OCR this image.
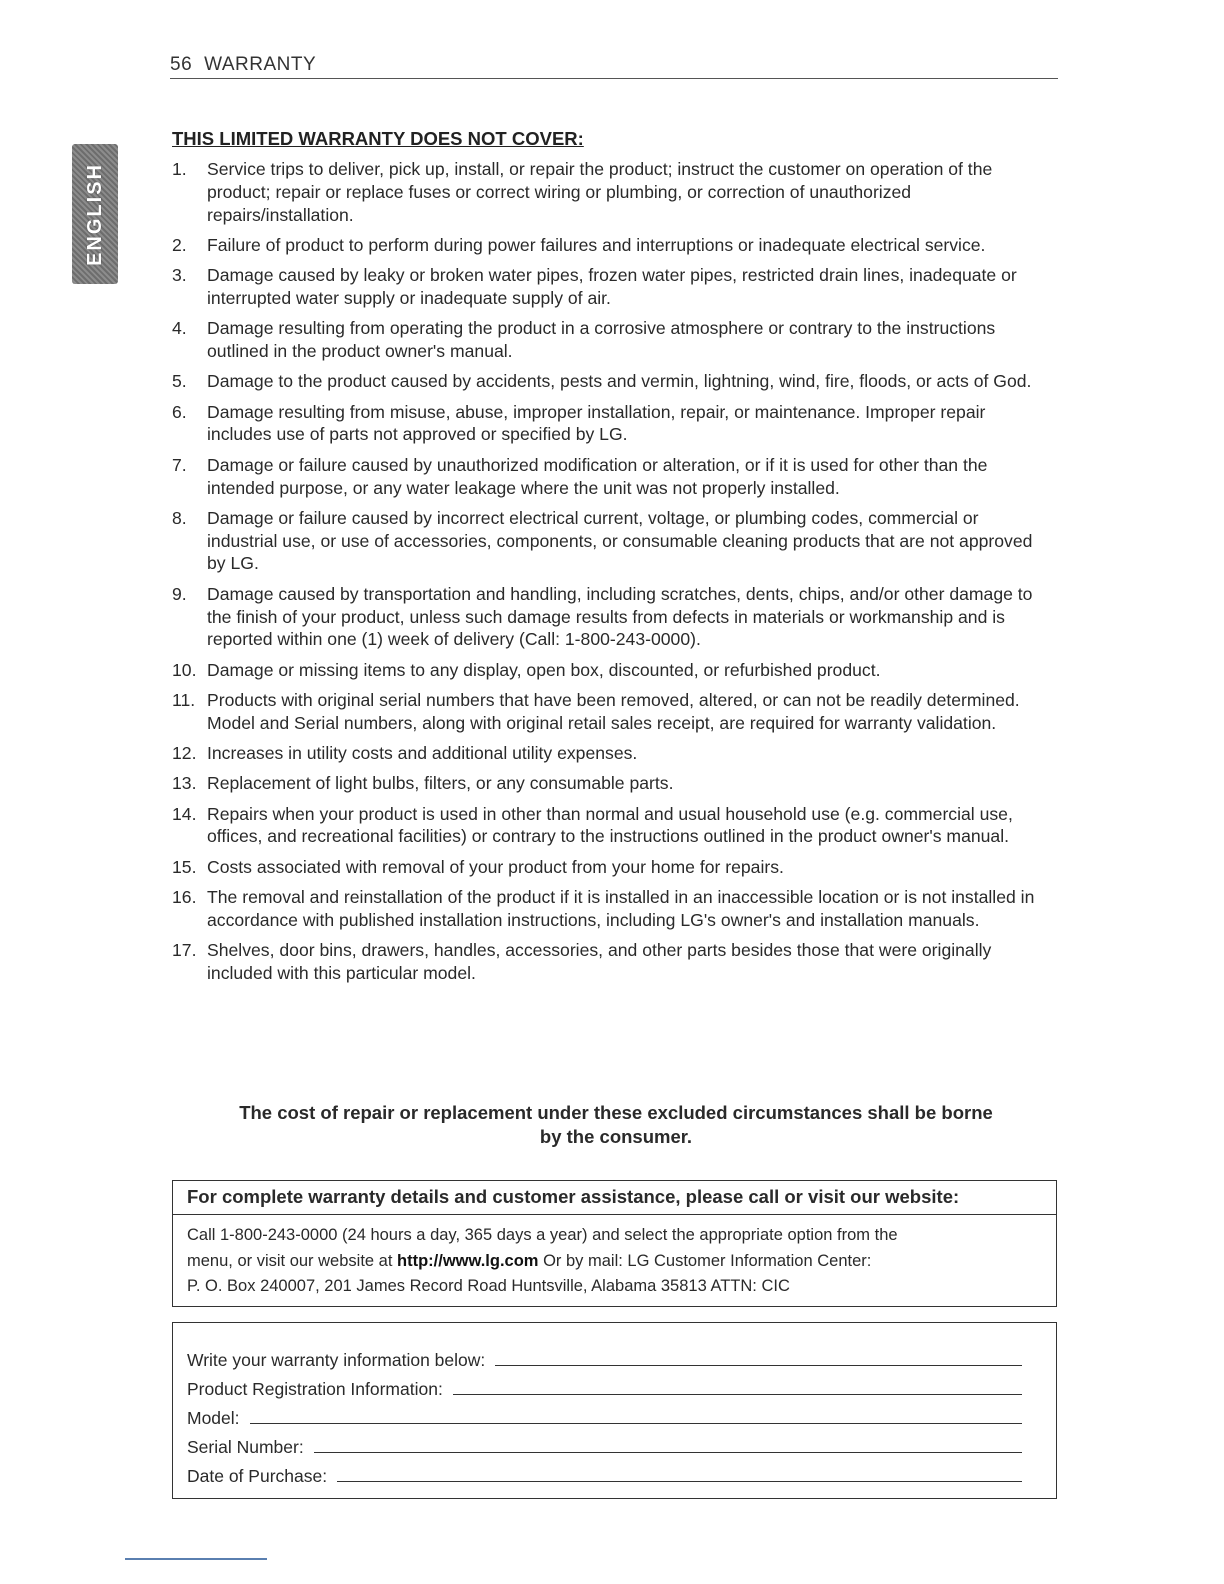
56 WARRANTY
ENGLISH
THIS LIMITED WARRANTY DOES NOT COVER:
1. Service trips to deliver, pick up, install, or repair the product; instruct the customer on operation of the product; repair or replace fuses or correct wiring or plumbing, or correction of unauthorized repairs/installation.
2. Failure of product to perform during power failures and interruptions or inadequate electrical service.
3. Damage caused by leaky or broken water pipes, frozen water pipes, restricted drain lines, inadequate or interrupted water supply or inadequate supply of air.
4. Damage resulting from operating the product in a corrosive atmosphere or contrary to the instructions outlined in the product owner's manual.
5. Damage to the product caused by accidents, pests and vermin, lightning, wind, fire, floods, or acts of God.
6. Damage resulting from misuse, abuse, improper installation, repair, or maintenance. Improper repair includes use of parts not approved or specified by LG.
7. Damage or failure caused by unauthorized modification or alteration, or if it is used for other than the intended purpose, or any water leakage where the unit was not properly installed.
8. Damage or failure caused by incorrect electrical current, voltage, or plumbing codes, commercial or industrial use, or use of accessories, components, or consumable cleaning products that are not approved by LG.
9. Damage caused by transportation and handling, including scratches, dents, chips, and/or other damage to the finish of your product, unless such damage results from defects in materials or workmanship and is reported within one (1) week of delivery (Call: 1-800-243-0000).
10. Damage or missing items to any display, open box, discounted, or refurbished product.
11. Products with original serial numbers that have been removed, altered, or can not be readily determined. Model and Serial numbers, along with original retail sales receipt, are required for warranty validation.
12. Increases in utility costs and additional utility expenses.
13. Replacement of light bulbs, filters, or any consumable parts.
14. Repairs when your product is used in other than normal and usual household use (e.g. commercial use, offices, and recreational facilities) or contrary to the instructions outlined in the product owner's manual.
15. Costs associated with removal of your product from your home for repairs.
16. The removal and reinstallation of the product if it is installed in an inaccessible location or is not installed in accordance with published installation instructions, including LG's owner's and installation manuals.
17. Shelves, door bins, drawers, handles, accessories, and other parts besides those that were originally included with this particular model.
The cost of repair or replacement under these excluded circumstances shall be borne
by the consumer.
For complete warranty details and customer assistance, please call or visit our website:
Call 1-800-243-0000 (24 hours a day, 365 days a year) and select the appropriate option from the
menu, or visit our website at http://www.lg.com Or by mail: LG Customer Information Center:
P. O. Box 240007, 201 James Record Road Huntsville, Alabama 35813 ATTN: CIC
Write your warranty information below:
Product Registration Information:
Model:
Serial Number:
Date of Purchase:
